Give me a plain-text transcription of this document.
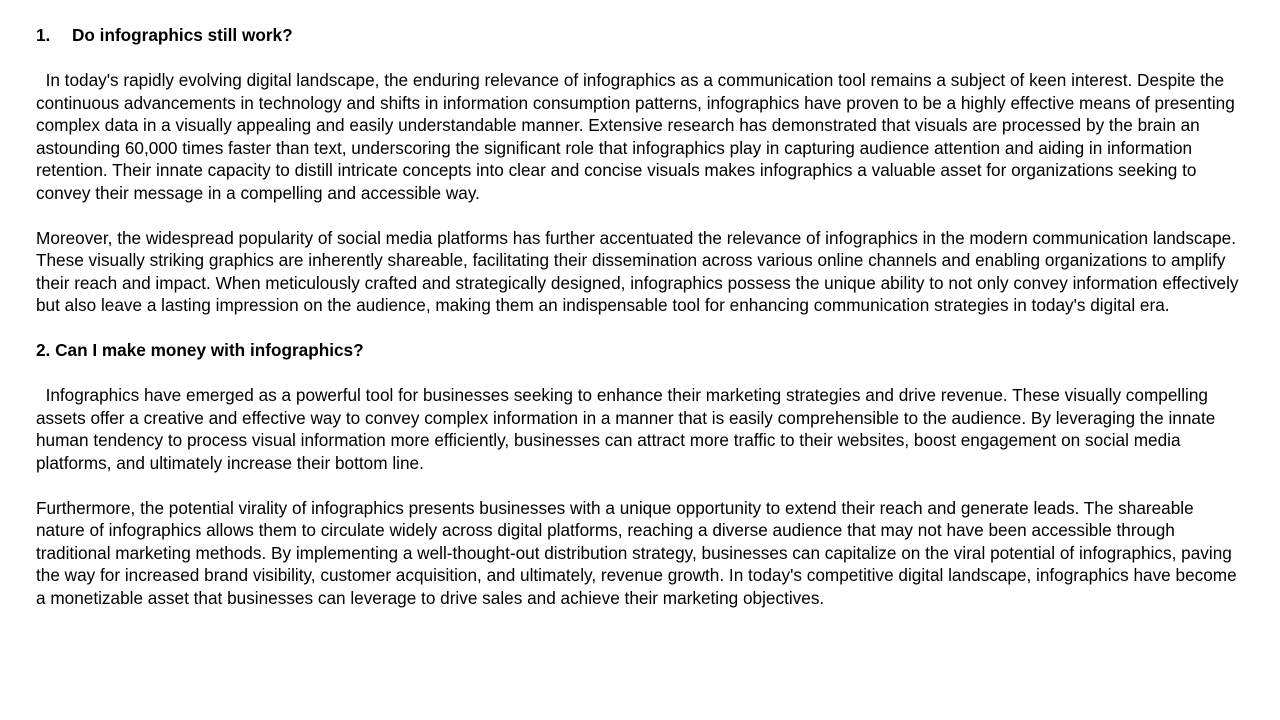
1. Do infographics still work?

In today's rapidly evolving digital landscape, the enduring relevance of infographics as a communication tool remains a subject of keen interest. Despite the continuous advancements in technology and shifts in information consumption patterns, infographics have proven to be a highly effective means of presenting complex data in a visually appealing and easily understandable manner. Extensive research has demonstrated that visuals are processed by the brain an astounding 60,000 times faster than text, underscoring the significant role that infographics play in capturing audience attention and aiding in information retention. Their innate capacity to distill intricate concepts into clear and concise visuals makes infographics a valuable asset for organizations seeking to convey their message in a compelling and accessible way.

Moreover, the widespread popularity of social media platforms has further accentuated the relevance of infographics in the modern communication landscape. These visually striking graphics are inherently shareable, facilitating their dissemination across various online channels and enabling organizations to amplify their reach and impact. When meticulously crafted and strategically designed, infographics possess the unique ability to not only convey information effectively but also leave a lasting impression on the audience, making them an indispensable tool for enhancing communication strategies in today's digital era.

2. Can I make money with infographics?

Infographics have emerged as a powerful tool for businesses seeking to enhance their marketing strategies and drive revenue. These visually compelling assets offer a creative and effective way to convey complex information in a manner that is easily comprehensible to the audience. By leveraging the innate human tendency to process visual information more efficiently, businesses can attract more traffic to their websites, boost engagement on social media platforms, and ultimately increase their bottom line.

Furthermore, the potential virality of infographics presents businesses with a unique opportunity to extend their reach and generate leads. The shareable nature of infographics allows them to circulate widely across digital platforms, reaching a diverse audience that may not have been accessible through traditional marketing methods. By implementing a well-thought-out distribution strategy, businesses can capitalize on the viral potential of infographics, paving the way for increased brand visibility, customer acquisition, and ultimately, revenue growth. In today's competitive digital landscape, infographics have become a monetizable asset that businesses can leverage to drive sales and achieve their marketing objectives.
